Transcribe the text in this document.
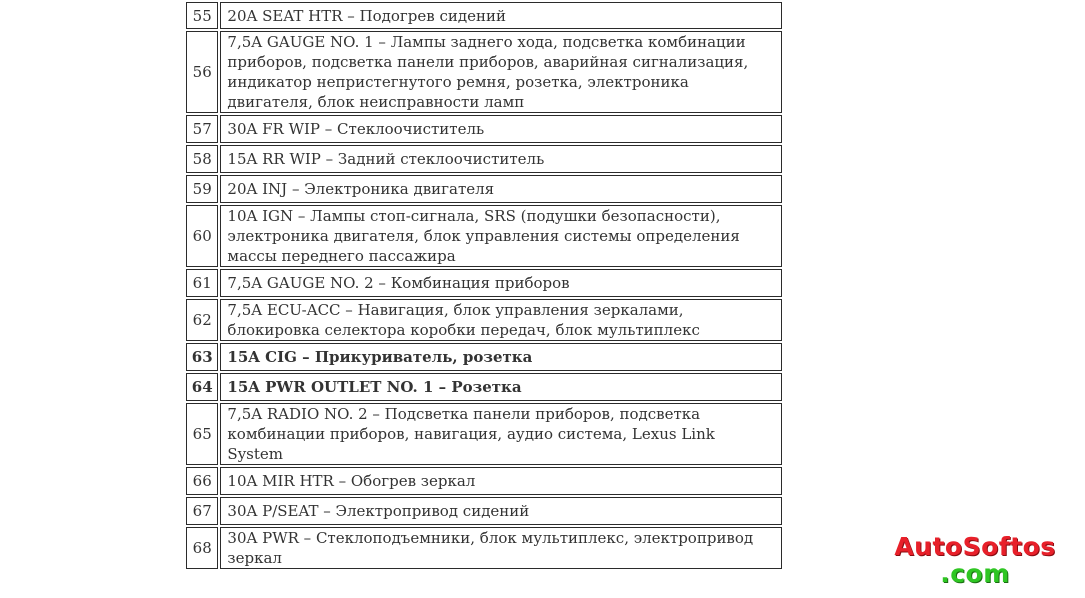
55	20A SEAT HTR – Подогрев сидений
56	7,5A GAUGE NO. 1 – Лампы заднего хода, подсветка комбинации приборов, подсветка панели приборов, аварийная сигнализация, индикатор непристегнутого ремня, розетка, электроника двигателя, блок неисправности ламп
57	30A FR WIP – Стеклоочиститель
58	15A RR WIP – Задний стеклоочиститель
59	20A INJ – Электроника двигателя
60	10A IGN – Лампы стоп-сигнала, SRS (подушки безопасности), электроника двигателя, блок управления системы определения массы переднего пассажира
61	7,5A GAUGE NO. 2 – Комбинация приборов
62	7,5A ECU-ACC – Навигация, блок управления зеркалами, блокировка селектора коробки передач, блок мультиплекс
63	15A CIG – Прикуриватель, розетка
64	15A PWR OUTLET NO. 1 – Розетка
65	7,5A RADIO NO. 2 – Подсветка панели приборов, подсветка комбинации приборов, навигация, аудио система, Lexus Link System
66	10A MIR HTR – Обогрев зеркал
67	30A P/SEAT – Электропривод сидений
68	30A PWR – Стеклоподъемники, блок мультиплекс, электропривод зеркал	AutoSoftos
.com
